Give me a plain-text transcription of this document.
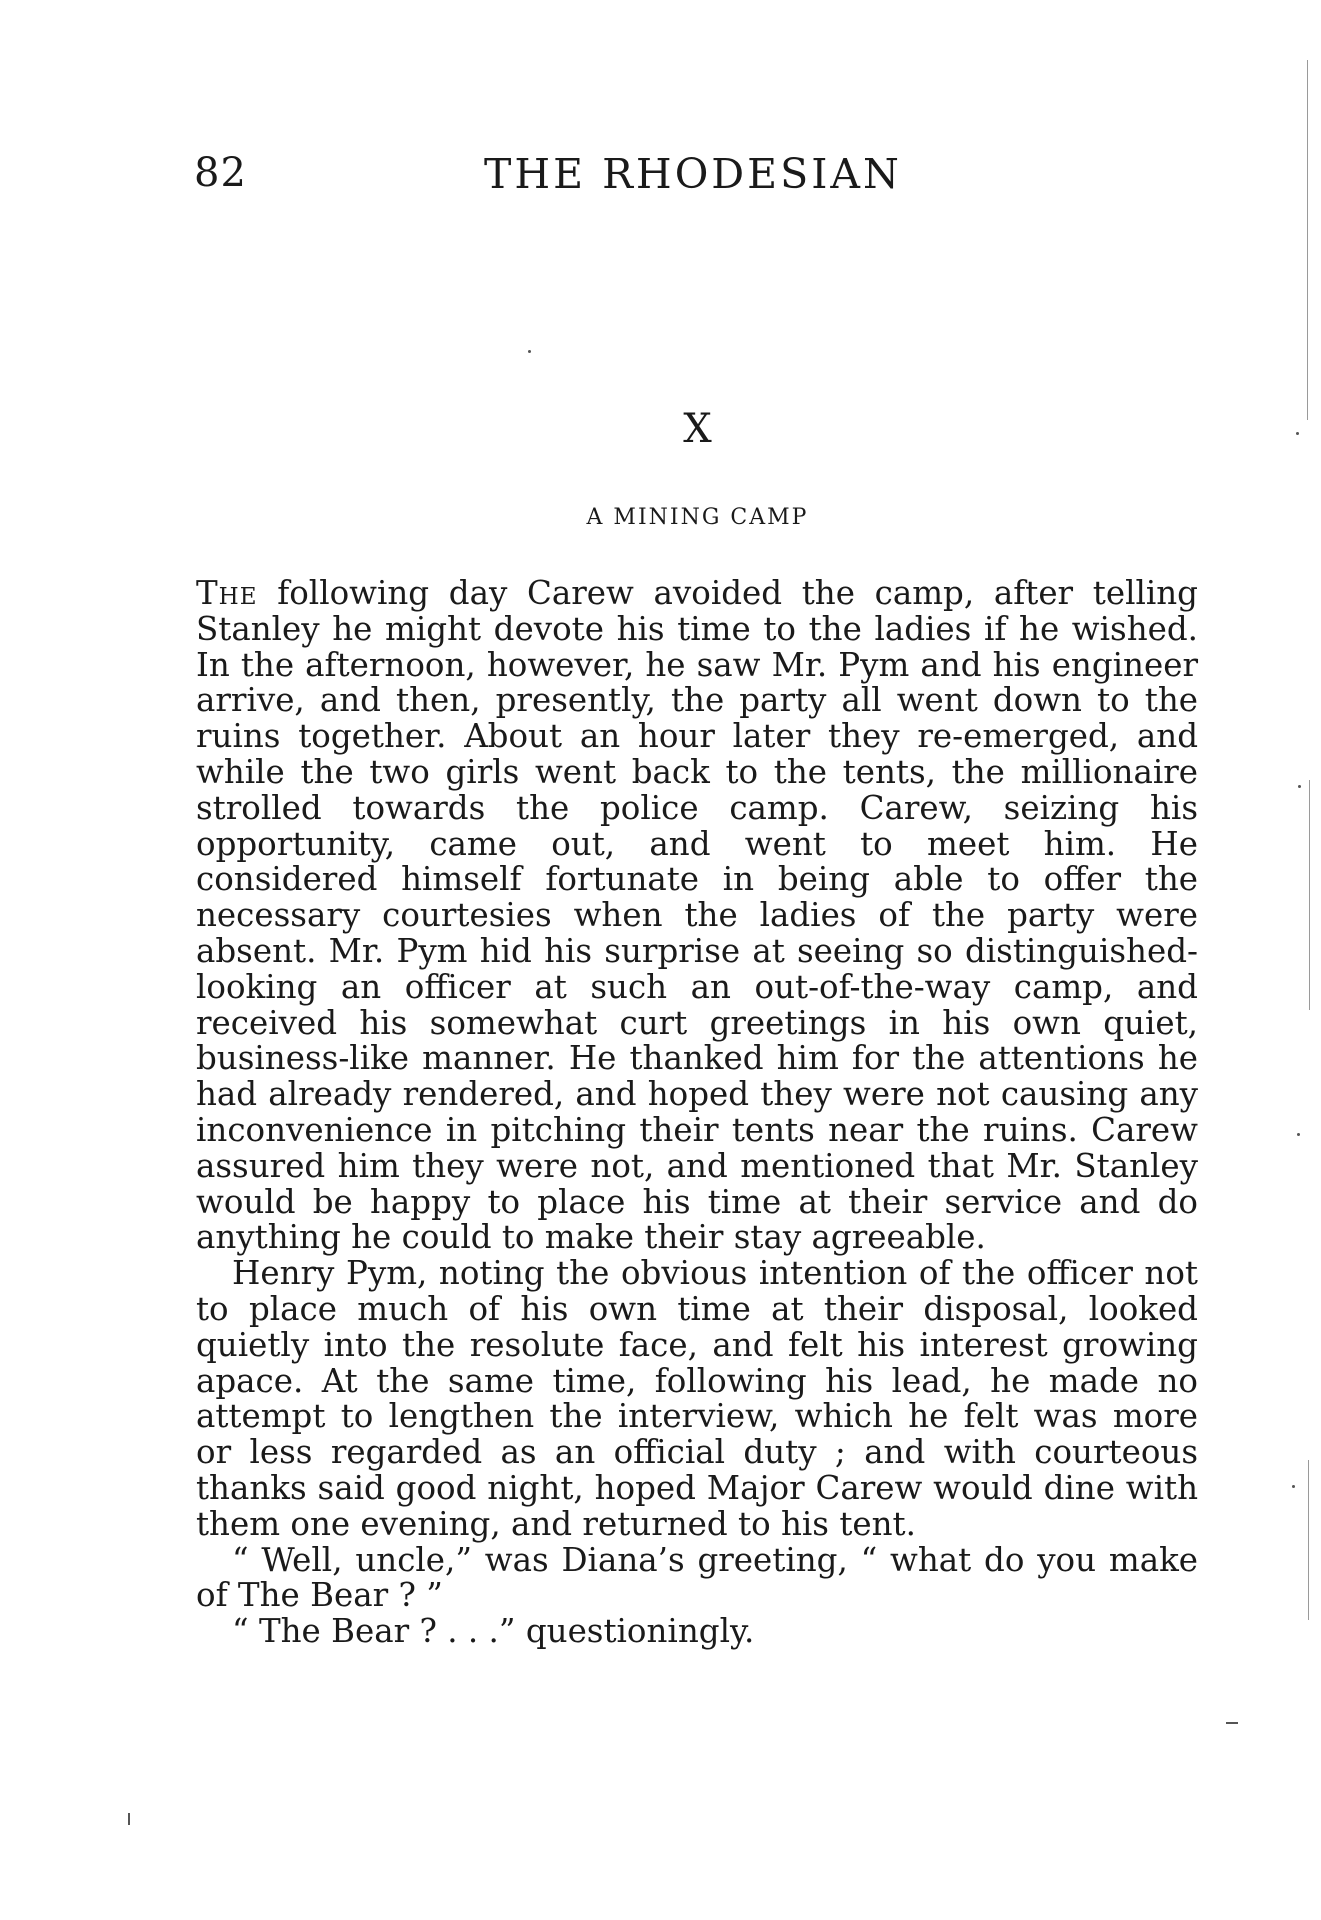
82	THE RHODESIAN
X
A MINING CAMP

The following day Carew avoided the camp, after telling Stanley he might devote his time to the ladies if he wished. In the afternoon, however, he saw Mr. Pym and his engineer arrive, and then, presently, the party all went down to the ruins together. About an hour later they re-emerged, and while the two girls went back to the tents, the millionaire strolled towards the police camp. Carew, seizing his opportunity, came out, and went to meet him. He considered himself fortunate in being able to offer the necessary courtesies when the ladies of the party were absent. Mr. Pym hid his surprise at seeing so distinguished-looking an officer at such an out-of-the-way camp, and received his somewhat curt greetings in his own quiet, business-like manner. He thanked him for the attentions he had already rendered, and hoped they were not causing any inconvenience in pitching their tents near the ruins. Carew assured him they were not, and mentioned that Mr. Stanley would be happy to place his time at their service and do anything he could to make their stay agreeable.

Henry Pym, noting the obvious intention of the officer not to place much of his own time at their disposal, looked quietly into the resolute face, and felt his interest growing apace. At the same time, following his lead, he made no attempt to lengthen the interview, which he felt was more or less regarded as an official duty ; and with courteous thanks said good night, hoped Major Carew would dine with them one evening, and returned to his tent.

“ Well, uncle,” was Diana’s greeting, “ what do you make of The Bear ? ”

“ The Bear ? . . .” questioningly.
